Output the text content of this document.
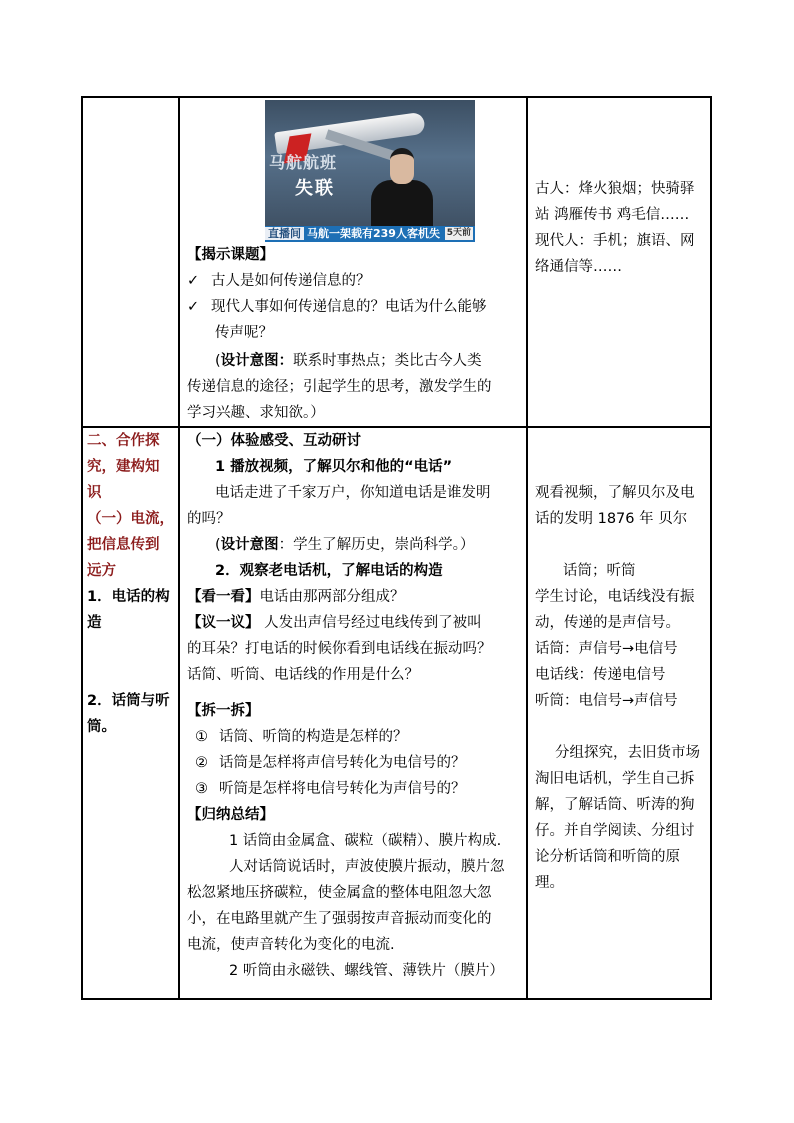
马航航班
失联
直播间 马航一架载有239人客机失 5天前

【揭示课题】

✓ 古人是如何传递信息的？

✓ 现代人事如何传递信息的？电话为什么能够

传声呢？

(设计意图：联系时事热点；类比古今人类

传递信息的途径；引起学生的思考，激发学生的

学习兴趣、求知欲。）

古人：烽火狼烟；快骑驿

站 鸿雁传书 鸡毛信……

现代人：手机；旗语、网

络通信等……

二、合作探

究，建构知

识

（一）电流，

把信息传到

远方

1．电话的构

造

2．话筒与听

筒。

（一）体验感受、互动研讨

1 播放视频，了解贝尔和他的“电话”

电话走进了千家万户，你知道电话是谁发明

的吗？

(设计意图：学生了解历史，崇尚科学。）

2．观察老电话机，了解电话的构造

【看一看】电话由那两部分组成？

【议一议】 人发出声信号经过电线传到了被叫

的耳朵？打电话的时候你看到电话线在振动吗？

话简、听筒、电话线的作用是什么？

【拆一拆】

① 话筒、听筒的构造是怎样的？

② 话筒是怎样将声信号转化为电信号的？

③ 听筒是怎样将电信号转化为声信号的？

【归纳总结】

1 话筒由金属盒、碳粒（碳精）、膜片构成.

人对话筒说话时，声波使膜片振动，膜片忽

松忽紧地压挤碳粒，使金属盒的整体电阻忽大忽

小，在电路里就产生了强弱按声音振动而变化的

电流，使声音转化为变化的电流.

2 听筒由永磁铁、螺线管、薄铁片（膜片）

观看视频，了解贝尔及电

话的发明 1876 年 贝尔

话筒；听筒

学生讨论，电话线没有振

动，传递的是声信号。

话筒：声信号→电信号

电话线：传递电信号

听筒：电信号→声信号

分组探究，去旧货市场

淘旧电话机，学生自己拆

解，了解话筒、听涛的狗

仔。并自学阅读、分组讨

论分析话筒和听筒的原

理。
